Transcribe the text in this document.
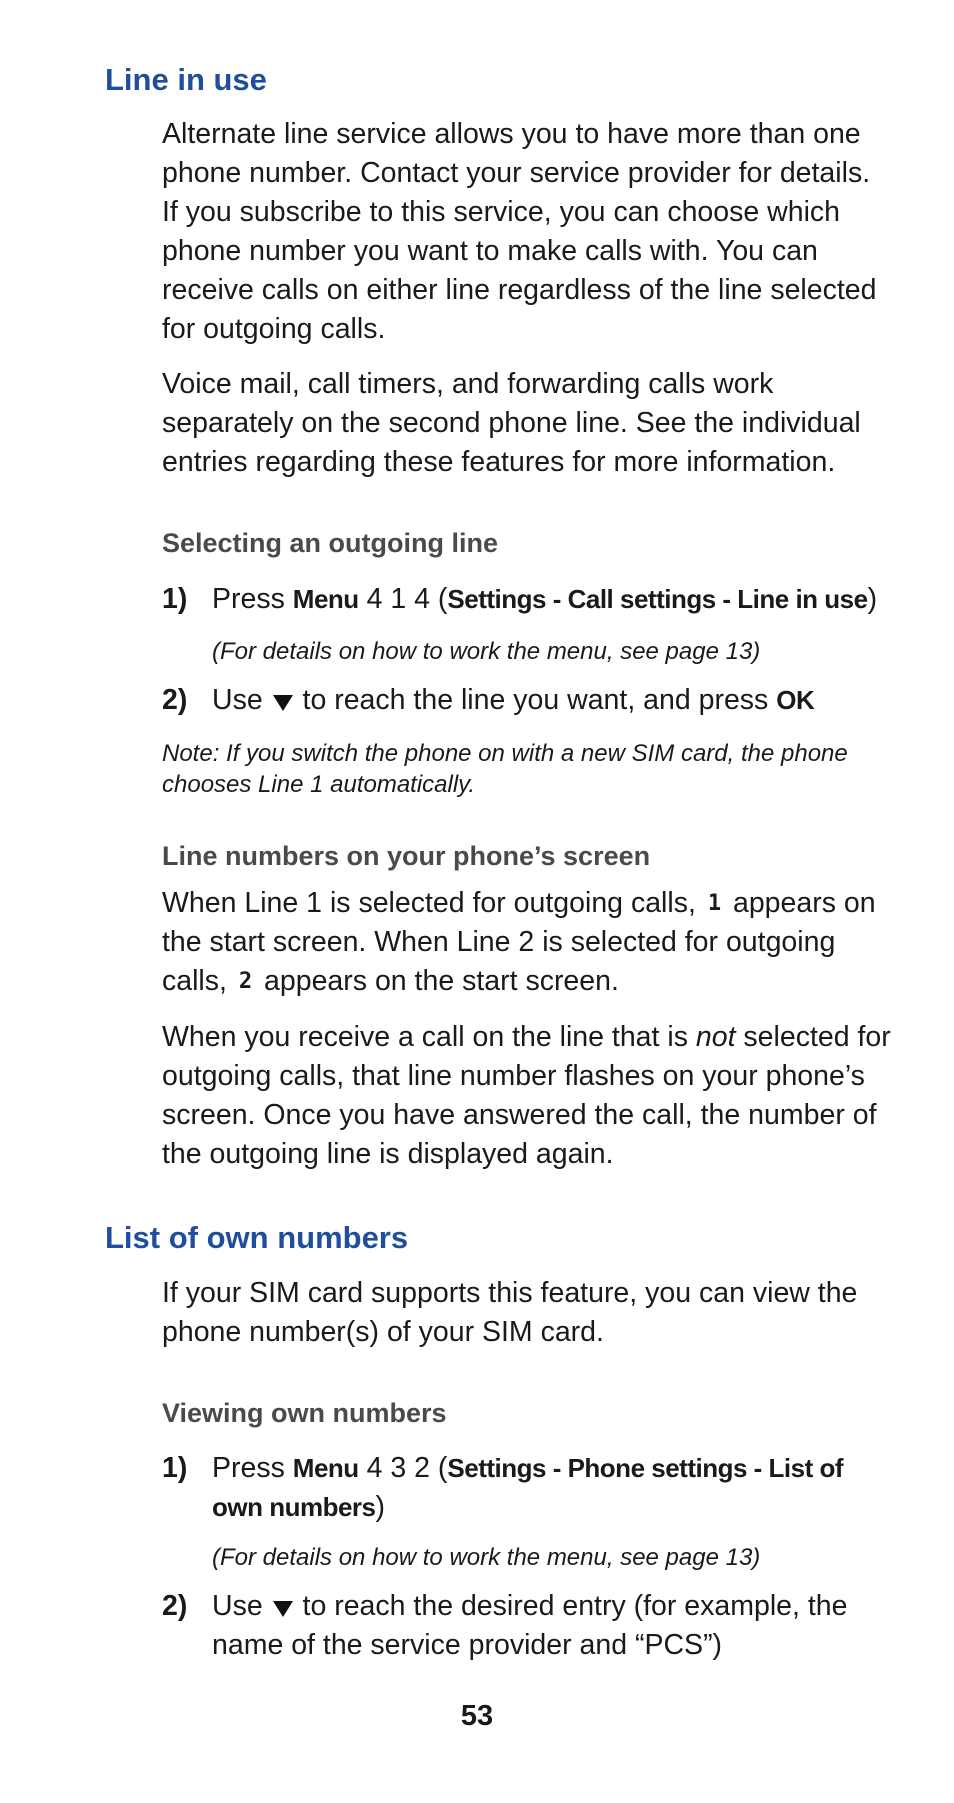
Line in use

Alternate line service allows you to have more than one phone number. Contact your service provider for details. If you subscribe to this service, you can choose which phone number you want to make calls with. You can receive calls on either line regardless of the line selected for outgoing calls.

Voice mail, call timers, and forwarding calls work separately on the second phone line. See the individual entries regarding these features for more information.

Selecting an outgoing line
1) Press Menu 4 1 4 (Settings - Call settings - Line in use)
(For details on how to work the menu, see page 13)
2) Use  to reach the line you want, and press OK

Note: If you switch the phone on with a new SIM card, the phone chooses Line 1 automatically.

Line numbers on your phone’s screen

When Line 1 is selected for outgoing calls, 1 appears on the start screen. When Line 2 is selected for outgoing calls, 2 appears on the start screen.

When you receive a call on the line that is not selected for outgoing calls, that line number flashes on your phone’s screen. Once you have answered the call, the number of the outgoing line is displayed again.

List of own numbers

If your SIM card supports this feature, you can view the phone number(s) of your SIM card.

Viewing own numbers
1) Press Menu 4 3 2 (Settings - Phone settings - List of own numbers)
(For details on how to work the menu, see page 13)
2) Use  to reach the desired entry (for example, the name of the service provider and “PCS”)
53
